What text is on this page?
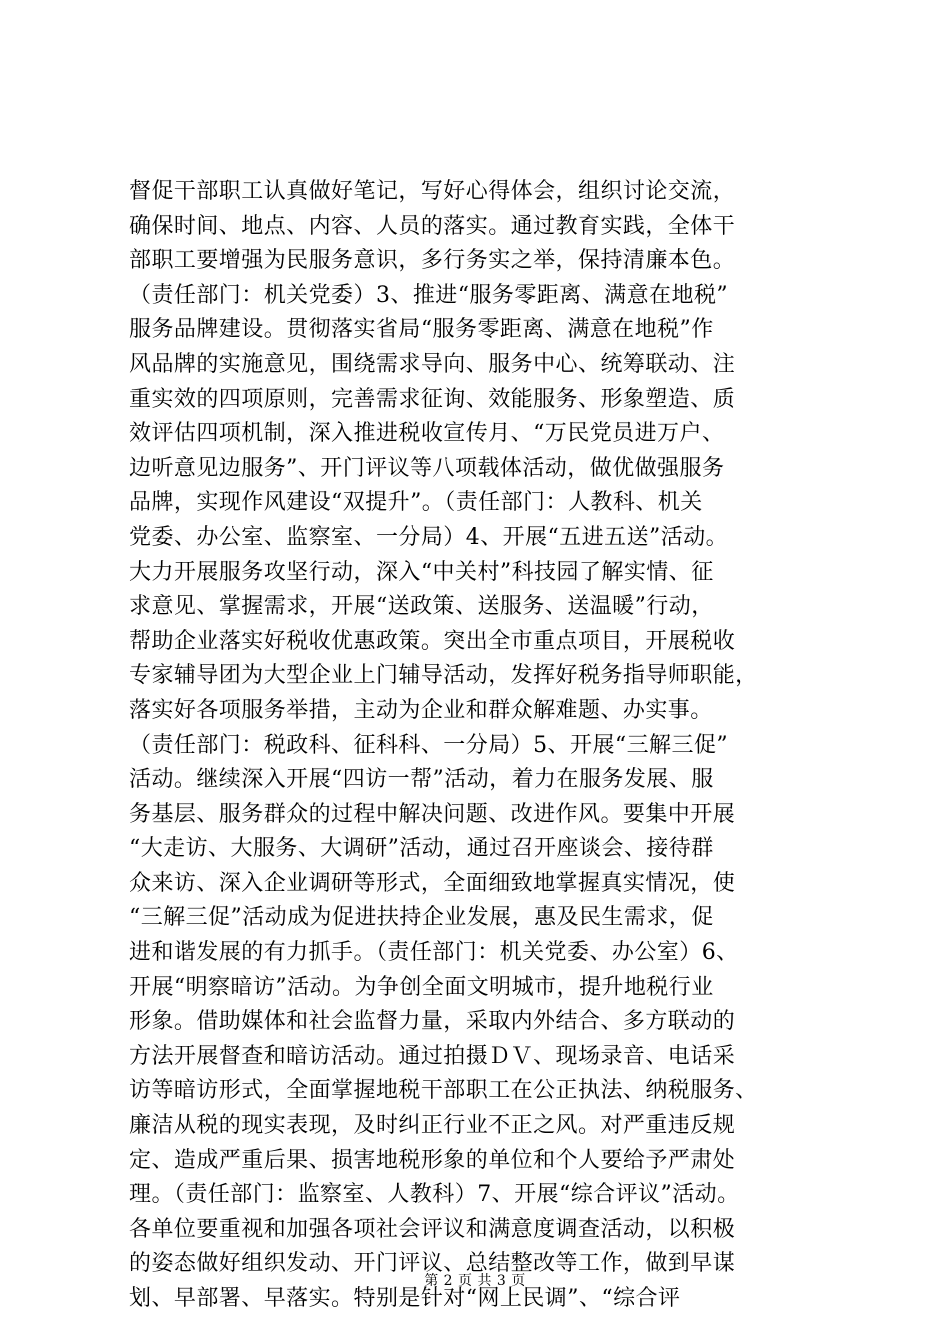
督促干部职工认真做好笔记，写好心得体会，组织讨论交流，
确保时间、地点、内容、人员的落实。通过教育实践，全体干
部职工要增强为民服务意识，多行务实之举，保持清廉本色。
（责任部门：机关党委）3、推进“服务零距离、满意在地税”
服务品牌建设。贯彻落实省局“服务零距离、满意在地税”作
风品牌的实施意见，围绕需求导向、服务中心、统筹联动、注
重实效的四项原则，完善需求征询、效能服务、形象塑造、质
效评估四项机制，深入推进税收宣传月、“万民党员进万户、
边听意见边服务”、开门评议等八项载体活动，做优做强服务
品牌，实现作风建设“双提升”。（责任部门：人教科、机关
党委、办公室、监察室、一分局）4、开展“五进五送”活动。
大力开展服务攻坚行动，深入“中关村”科技园了解实情、征
求意见、掌握需求，开展“送政策、送服务、送温暖”行动，
帮助企业落实好税收优惠政策。突出全市重点项目，开展税收
专家辅导团为大型企业上门辅导活动，发挥好税务指导师职能，
落实好各项服务举措，主动为企业和群众解难题、办实事。
（责任部门：税政科、征科科、一分局）5、开展“三解三促”
活动。继续深入开展“四访一帮”活动，着力在服务发展、服
务基层、服务群众的过程中解决问题、改进作风。要集中开展
“大走访、大服务、大调研”活动，通过召开座谈会、接待群
众来访、深入企业调研等形式，全面细致地掌握真实情况，使
“三解三促”活动成为促进扶持企业发展，惠及民生需求，促
进和谐发展的有力抓手。（责任部门：机关党委、办公室）6、
开展“明察暗访”活动。为争创全面文明城市，提升地税行业
形象。借助媒体和社会监督力量，采取内外结合、多方联动的
方法开展督查和暗访活动。通过拍摄ＤＶ、现场录音、电话采
访等暗访形式，全面掌握地税干部职工在公正执法、纳税服务、
廉洁从税的现实表现，及时纠正行业不正之风。对严重违反规
定、造成严重后果、损害地税形象的单位和个人要给予严肃处
理。（责任部门：监察室、人教科）7、开展“综合评议”活动。
各单位要重视和加强各项社会评议和满意度调查活动，以积极
的姿态做好组织发动、开门评议、总结整改等工作，做到早谋
划、早部署、早落实。特别是针对“网上民调”、“综合评
第 2 页 共 3 页
